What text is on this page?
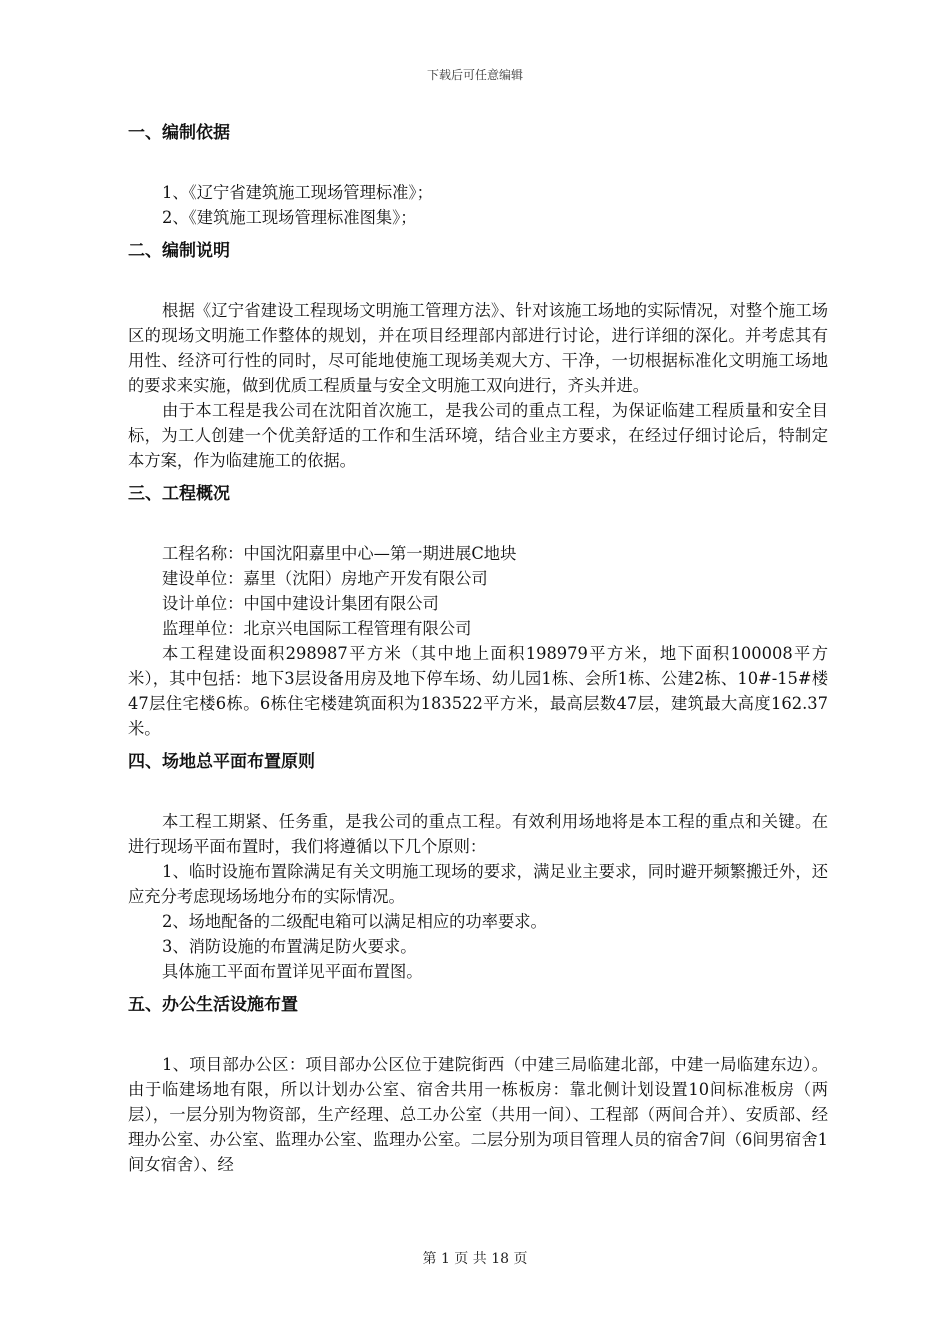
下载后可任意编辑
一、编制依据

1、《辽宁省建筑施工现场管理标准》；

2、《建筑施工现场管理标准图集》；

二、编制说明

根据《辽宁省建设工程现场文明施工管理方法》、针对该施工场地的实际情况，对整个施工场区的现场文明施工作整体的规划，并在项目经理部内部进行讨论，进行详细的深化。并考虑其有用性、经济可行性的同时，尽可能地使施工现场美观大方、干净，一切根据标准化文明施工场地的要求来实施，做到优质工程质量与安全文明施工双向进行，齐头并进。

由于本工程是我公司在沈阳首次施工，是我公司的重点工程，为保证临建工程质量和安全目标，为工人创建一个优美舒适的工作和生活环境，结合业主方要求，在经过仔细讨论后，特制定本方案，作为临建施工的依据。

三、工程概况

工程名称：中国沈阳嘉里中心—第一期进展C地块

建设单位：嘉里（沈阳）房地产开发有限公司

设计单位：中国中建设计集团有限公司

监理单位：北京兴电国际工程管理有限公司

本工程建设面积298987平方米（其中地上面积198979平方米，地下面积100008平方米），其中包括：地下3层设备用房及地下停车场、幼儿园1栋、会所1栋、公建2栋、10#-15#楼47层住宅楼6栋。6栋住宅楼建筑面积为183522平方米，最高层数47层，建筑最大高度162.37米。

四、场地总平面布置原则

本工程工期紧、任务重，是我公司的重点工程。有效利用场地将是本工程的重点和关键。在进行现场平面布置时，我们将遵循以下几个原则：

1、临时设施布置除满足有关文明施工现场的要求，满足业主要求，同时避开频繁搬迁外，还应充分考虑现场场地分布的实际情况。

2、场地配备的二级配电箱可以满足相应的功率要求。

3、消防设施的布置满足防火要求。

具体施工平面布置详见平面布置图。

五、办公生活设施布置

1、项目部办公区：项目部办公区位于建院街西（中建三局临建北部，中建一局临建东边）。由于临建场地有限，所以计划办公室、宿舍共用一栋板房：靠北侧计划设置10间标准板房（两层），一层分别为物资部，生产经理、总工办公室（共用一间）、工程部（两间合并）、安质部、经理办公室、办公室、监理办公室、监理办公室。二层分别为项目管理人员的宿舍7间（6间男宿舍1间女宿舍）、经

第 1 页 共 18 页
